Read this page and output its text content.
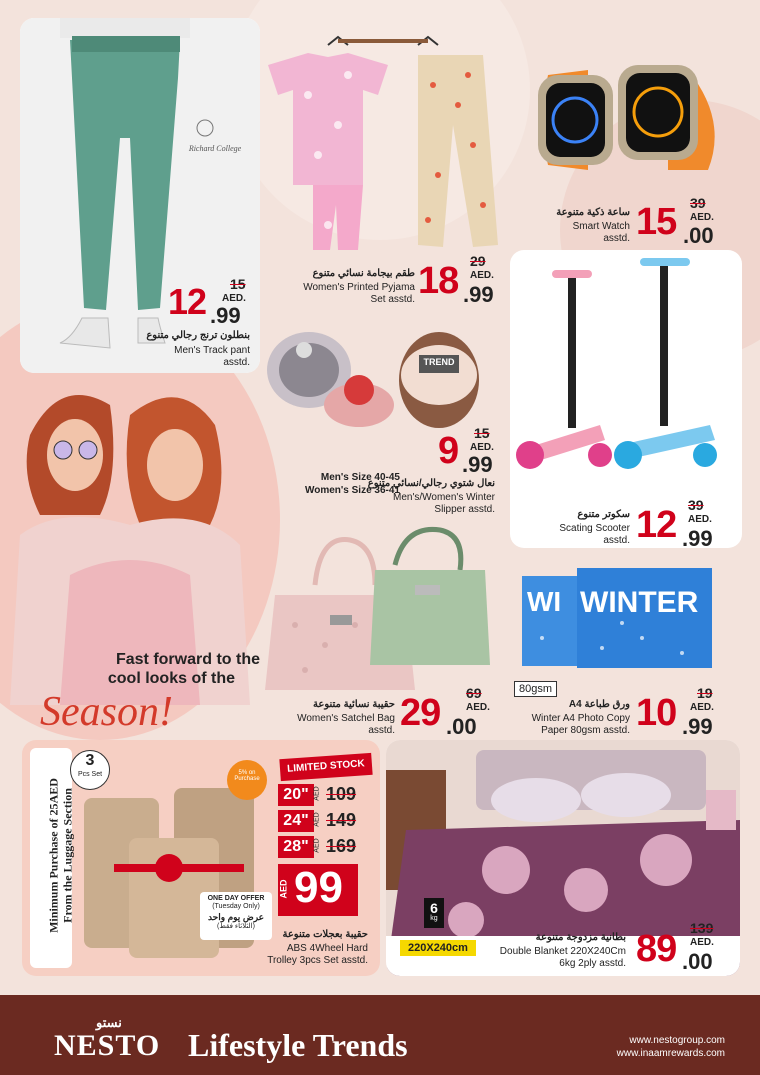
Richard College
15
AED.
12 .99
بنطلون ترنج رجالي متنوع
Men's Track pant
asstd.
29
AED.
18 .99
طقم بيجامة نسائي متنوع
Women's Printed Pyjama
Set asstd.
39
AED.
15 .00
ساعة ذكية متنوعة
Smart Watch
asstd.
TREND
Men's Size 40-45
Women's Size 36-41
15
AED.
9 .99
نعال شتوي رجالي/نسائي متنوع
Men's/Women's Winter
Slipper asstd.	39
AED.
12 .99
سكوتر متنوع
Scating Scooter
asstd.
Fast forward to the
cool looks of the
Season!	69
AED.
29 .00
حقيبة نسائية متنوعة
Women's Satchel Bag
asstd.
WI WINTER
80gsm	19
AED.
10 .99
ورق طباعة A4
Winter A4 Photo Copy
Paper 80gsm asstd.
Minimum Purchase of 25AED From the Luggage Section
3
Pcs Set	5% on Purchase
LIMITED STOCK
20" AED 109
24" AED 149
28" AED 169
AED 99
ONE DAY OFFER
(Tuesday Only)
عرض يوم واحد
(الثلاثاء فقط)
حقيبة بعجلات متنوعة
ABS 4Wheel Hard
Trolley 3pcs Set asstd.
6
kg
220X240cm
بطانية مزدوجة متنوعة
Double Blanket 220X240Cm
6kg 2ply asstd.
139
AED.
89 .00
نستو
NESTO Lifestyle Trends	www.nestogroup.com
www.inaamrewards.com
